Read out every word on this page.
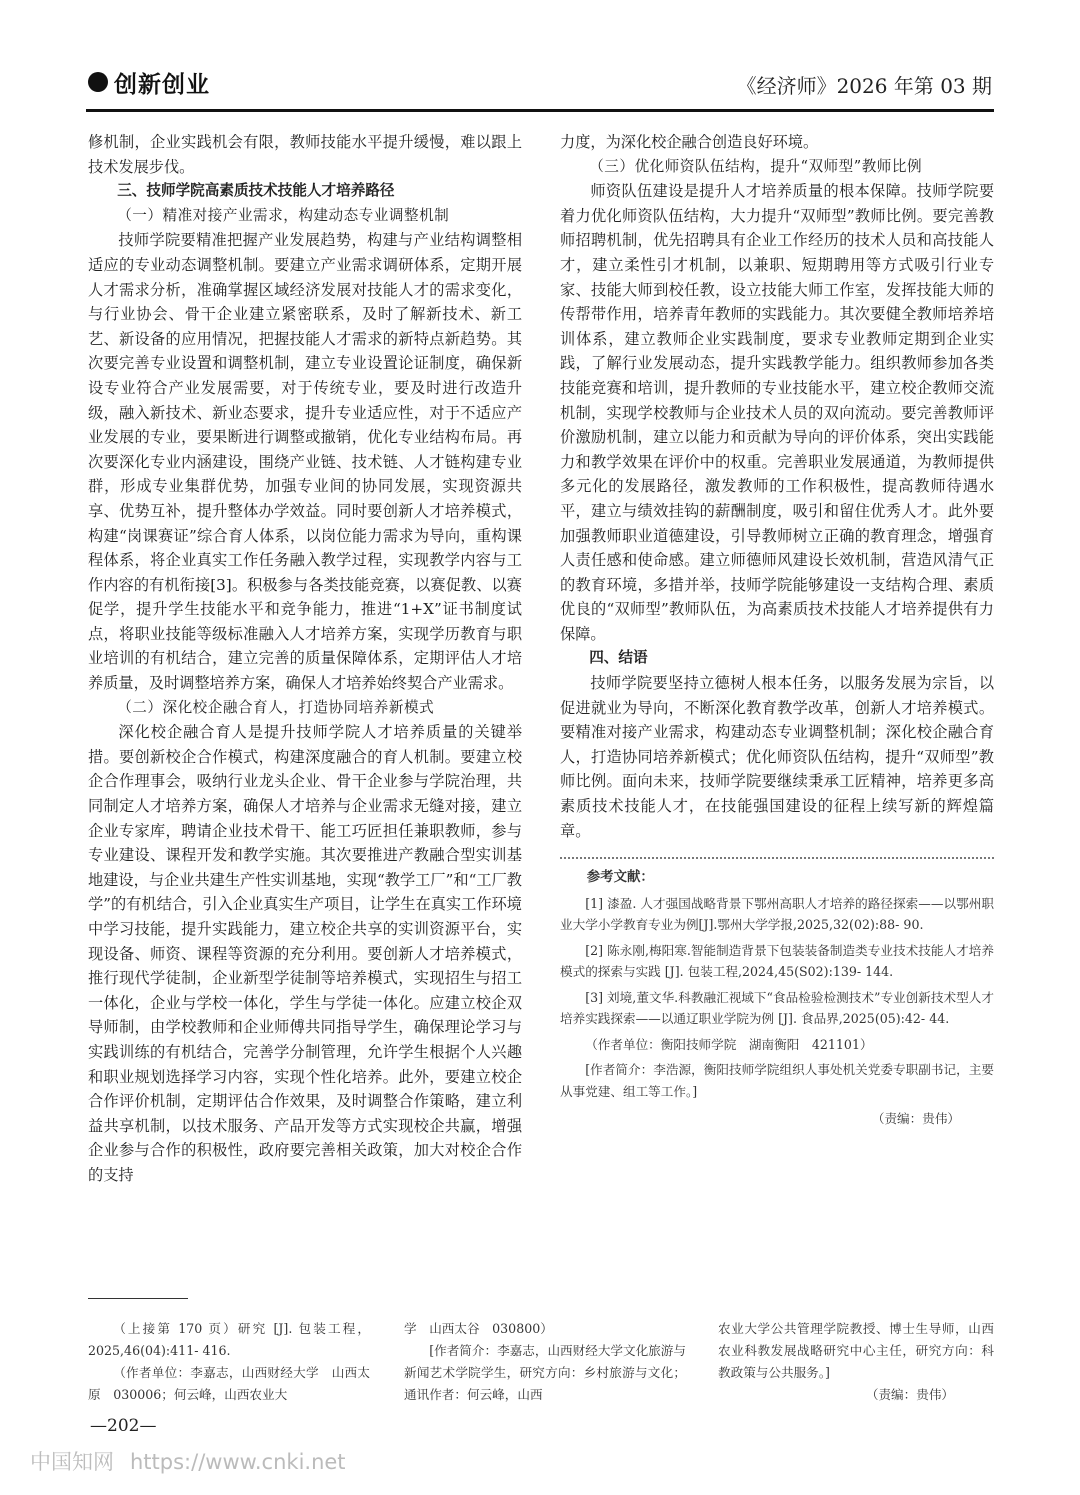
创新创业	《经济师》2026 年第 03 期

修机制，企业实践机会有限，教师技能水平提升缓慢，难以跟上技术发展步伐。

三、技师学院高素质技术技能人才培养路径
（一）精准对接产业需求，构建动态专业调整机制

技师学院要精准把握产业发展趋势，构建与产业结构调整相适应的专业动态调整机制。要建立产业需求调研体系，定期开展人才需求分析，准确掌握区域经济发展对技能人才的需求变化，与行业协会、骨干企业建立紧密联系，及时了解新技术、新工艺、新设备的应用情况，把握技能人才需求的新特点新趋势。其次要完善专业设置和调整机制，建立专业设置论证制度，确保新设专业符合产业发展需要，对于传统专业，要及时进行改造升级，融入新技术、新业态要求，提升专业适应性，对于不适应产业发展的专业，要果断进行调整或撤销，优化专业结构布局。再次要深化专业内涵建设，围绕产业链、技术链、人才链构建专业群，形成专业集群优势，加强专业间的协同发展，实现资源共享、优势互补，提升整体办学效益。同时要创新人才培养模式，构建“岗课赛证”综合育人体系，以岗位能力需求为导向，重构课程体系，将企业真实工作任务融入教学过程，实现教学内容与工作内容的有机衔接[3]。积极参与各类技能竞赛，以赛促教、以赛促学，提升学生技能水平和竞争能力，推进“1+X”证书制度试点，将职业技能等级标准融入人才培养方案，实现学历教育与职业培训的有机结合，建立完善的质量保障体系，定期评估人才培养质量，及时调整培养方案，确保人才培养始终契合产业需求。

（二）深化校企融合育人，打造协同培养新模式

深化校企融合育人是提升技师学院人才培养质量的关键举措。要创新校企合作模式，构建深度融合的育人机制。要建立校企合作理事会，吸纳行业龙头企业、骨干企业参与学院治理，共同制定人才培养方案，确保人才培养与企业需求无缝对接，建立企业专家库，聘请企业技术骨干、能工巧匠担任兼职教师，参与专业建设、课程开发和教学实施。其次要推进产教融合型实训基地建设，与企业共建生产性实训基地，实现“教学工厂”和“工厂教学”的有机结合，引入企业真实生产项目，让学生在真实工作环境中学习技能，提升实践能力，建立校企共享的实训资源平台，实现设备、师资、课程等资源的充分利用。要创新人才培养模式，推行现代学徒制，企业新型学徒制等培养模式，实现招生与招工一体化，企业与学校一体化，学生与学徒一体化。应建立校企双导师制，由学校教师和企业师傅共同指导学生，确保理论学习与实践训练的有机结合，完善学分制管理，允许学生根据个人兴趣和职业规划选择学习内容，实现个性化培养。此外，要建立校企合作评价机制，定期评估合作效果，及时调整合作策略，建立利益共享机制，以技术服务、产品开发等方式实现校企共赢，增强企业参与合作的积极性，政府要完善相关政策，加大对校企合作的支持

力度，为深化校企融合创造良好环境。

（三）优化师资队伍结构，提升“双师型”教师比例

师资队伍建设是提升人才培养质量的根本保障。技师学院要着力优化师资队伍结构，大力提升“双师型”教师比例。要完善教师招聘机制，优先招聘具有企业工作经历的技术人员和高技能人才，建立柔性引才机制，以兼职、短期聘用等方式吸引行业专家、技能大师到校任教，设立技能大师工作室，发挥技能大师的传帮带作用，培养青年教师的实践能力。其次要健全教师培养培训体系，建立教师企业实践制度，要求专业教师定期到企业实践，了解行业发展动态，提升实践教学能力。组织教师参加各类技能竞赛和培训，提升教师的专业技能水平，建立校企教师交流机制，实现学校教师与企业技术人员的双向流动。要完善教师评价激励机制，建立以能力和贡献为导向的评价体系，突出实践能力和教学效果在评价中的权重。完善职业发展通道，为教师提供多元化的发展路径，激发教师的工作积极性，提高教师待遇水平，建立与绩效挂钩的薪酬制度，吸引和留住优秀人才。此外要加强教师职业道德建设，引导教师树立正确的教育理念，增强育人责任感和使命感。建立师德师风建设长效机制，营造风清气正的教育环境，多措并举，技师学院能够建设一支结构合理、素质优良的“双师型”教师队伍，为高素质技术技能人才培养提供有力保障。

四、结语

技师学院要坚持立德树人根本任务，以服务发展为宗旨，以促进就业为导向，不断深化教育教学改革，创新人才培养模式。要精准对接产业需求，构建动态专业调整机制；深化校企融合育人，打造协同培养新模式；优化师资队伍结构，提升“双师型”教师比例。面向未来，技师学院要继续秉承工匠精神，培养更多高素质技术技能人才，在技能强国建设的征程上续写新的辉煌篇章。

参考文献：
[1] 漆盈. 人才强国战略背景下鄂州高职人才培养的路径探索——以鄂州职业大学小学教育专业为例[J].鄂州大学学报,2025,32(02):88- 90.
[2] 陈永刚,梅阳寒.智能制造背景下包装装备制造类专业技术技能人才培养模式的探索与实践 [J]. 包装工程,2024,45(S02):139- 144.
[3] 刘境,董文华.科教融汇视域下“食品检验检测技术”专业创新技术型人才培养实践探索——以通辽职业学院为例 [J]. 食品界,2025(05):42- 44.
（作者单位：衡阳技师学院　湖南衡阳　421101）
[作者简介：李浩源，衡阳技师学院组织人事处机关党委专职副书记，主要从事党建、组工等工作。]
（责编：贵伟）
（上接第 170 页）研究 [J]. 包装工程，2025,46(04):411- 416.
（作者单位：李嘉志，山西财经大学　山西太原　030006；何云峰，山西农业大
学　山西太谷　030800）
[作者简介：李嘉志，山西财经大学文化旅游与新闻艺术学院学生，研究方向：乡村旅游与文化；通讯作者：何云峰，山西
农业大学公共管理学院教授、博士生导师，山西农业科教发展战略研究中心主任，研究方向：科教政策与公共服务。]
（责编：贵伟）
—202—
中国知网 https://www.cnki.net
